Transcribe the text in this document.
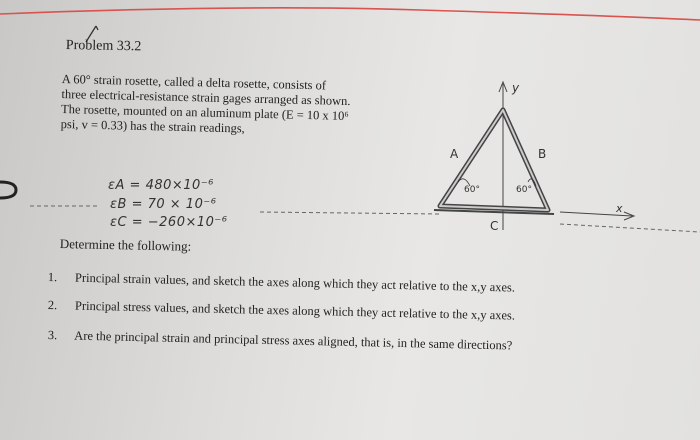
Problem 33.2
A 60° strain rosette, called a delta rosette, consists of three electrical-resistance strain gages arranged as shown. The rosette, mounted on an aluminum plate (E = 10 x 10⁶ psi, v = 0.33) has the strain readings,
εA = 480×10⁻⁶
εB = 70 × 10⁻⁶
εC = −260×10⁻⁶
Determine the following:
1. Principal strain values, and sketch the axes along which they act relative to the x,y axes.
2. Principal stress values, and sketch the axes along which they act relative to the x,y axes.
3. Are the principal strain and principal stress axes aligned, that is, in the same directions?
y
x
A	B
C
60°	60°
